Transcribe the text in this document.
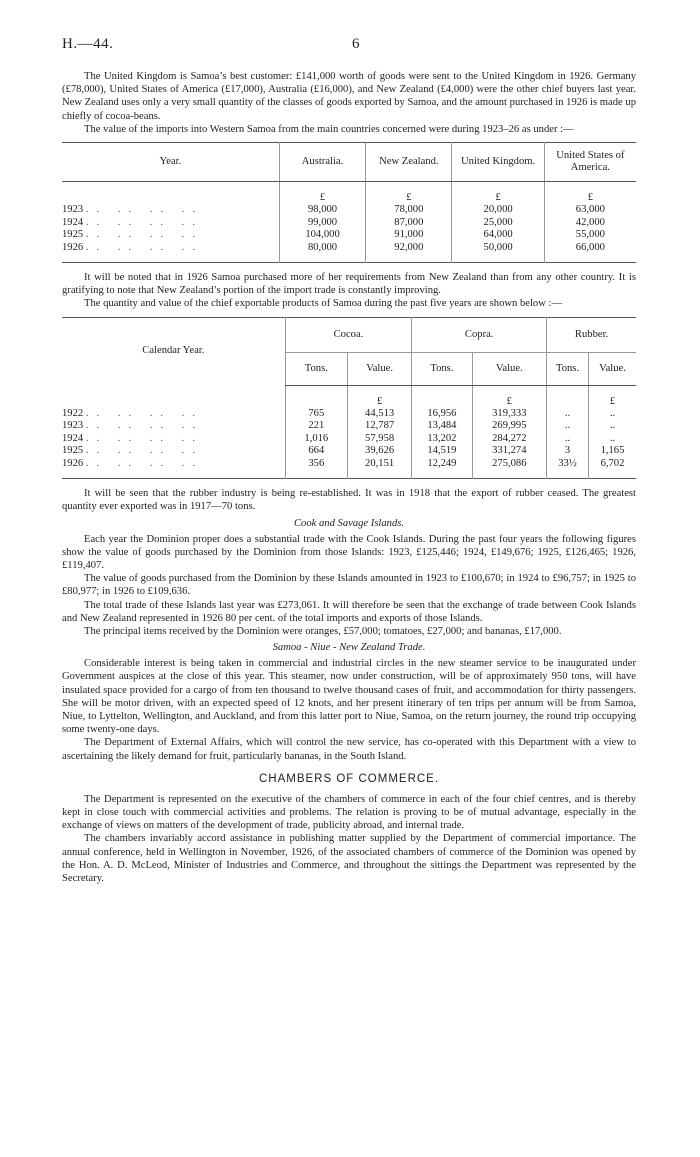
H.—44.	6

The United Kingdom is Samoa’s best customer: £141,000 worth of goods were sent to the United Kingdom in 1926. Germany (£78,000), United States of America (£17,000), Australia (£16,000), and New Zealand (£4,000) were the other chief buyers last year. New Zealand uses only a very small quantity of the classes of goods exported by Samoa, and the amount purchased in 1926 is made up chiefly of cocoa-beans.

The value of the imports into Western Samoa from the main countries concerned were during 1923–26 as under :—

Year.	Australia.	New Zealand.	United Kingdom.	United States of America.
	£	£	£	£
1923 .. .. .. ..	98,000	78,000	20,000	63,000
1924 .. .. .. ..	99,000	87,000	25,000	42,000
1925 .. .. .. ..	104,000	91,000	64,000	55,000
1926 .. .. .. ..	80,000	92,000	50,000	66,000

It will be noted that in 1926 Samoa purchased more of her requirements from New Zealand than from any other country. It is gratifying to note that New Zealand’s portion of the import trade is constantly improving.

The quantity and value of the chief exportable products of Samoa during the past five years are shown below :—

Calendar Year.	Cocoa.		Copra.		Rubber.	
	Tons.	Value.	Tons.	Value.	Tons.	Value.
		£		£		£
1922 .. .. .. ..	765	44,513	16,956	319,333	..	..
1923 .. .. .. ..	221	12,787	13,484	269,995	..	..
1924 .. .. .. ..	1,016	57,958	13,202	284,272	..	..
1925 .. .. .. ..	664	39,626	14,519	331,274	3	1,165
1926 .. .. .. ..	356	20,151	12,249	275,086	33½	6,702

It will be seen that the rubber industry is being re-established. It was in 1918 that the export of rubber ceased. The greatest quantity ever exported was in 1917—70 tons.

Cook and Savage Islands.

Each year the Dominion proper does a substantial trade with the Cook Islands. During the past four years the following figures show the value of goods purchased by the Dominion from those Islands: 1923, £125,446; 1924, £149,676; 1925, £126,465; 1926, £119,407.

The value of goods purchased from the Dominion by these Islands amounted in 1923 to £100,670; in 1924 to £96,757; in 1925 to £80,977; in 1926 to £109,636.

The total trade of these Islands last year was £273,061. It will therefore be seen that the exchange of trade between Cook Islands and New Zealand represented in 1926 80 per cent. of the total imports and exports of those Islands.

The principal items received by the Dominion were oranges, £57,000; tomatoes, £27,000; and bananas, £17,000.

Samoa - Niue - New Zealand Trade.

Considerable interest is being taken in commercial and industrial circles in the new steamer service to be inaugurated under Government auspices at the close of this year. This steamer, now under construction, will be of approximately 950 tons, will have insulated space provided for a cargo of from ten thousand to twelve thousand cases of fruit, and accommodation for thirty passengers. She will be motor driven, with an expected speed of 12 knots, and her present itinerary of ten trips per annum will be from Samoa, Niue, to Lyttelton, Wellington, and Auckland, and from this latter port to Niue, Samoa, on the return journey, the round trip occupying some twenty-one days.

The Department of External Affairs, which will control the new service, has co-operated with this Department with a view to ascertaining the likely demand for fruit, particularly bananas, in the South Island.

CHAMBERS OF COMMERCE.

The Department is represented on the executive of the chambers of commerce in each of the four chief centres, and is thereby kept in close touch with commercial activities and problems. The relation is proving to be of mutual advantage, especially in the exchange of views on matters of the development of trade, publicity abroad, and internal trade.

The chambers invariably accord assistance in publishing matter supplied by the Department of commercial importance. The annual conference, held in Wellington in November, 1926, of the associated chambers of commerce of the Dominion was opened by the Hon. A. D. McLeod, Minister of Industries and Commerce, and throughout the sittings the Department was represented by the Secretary.
